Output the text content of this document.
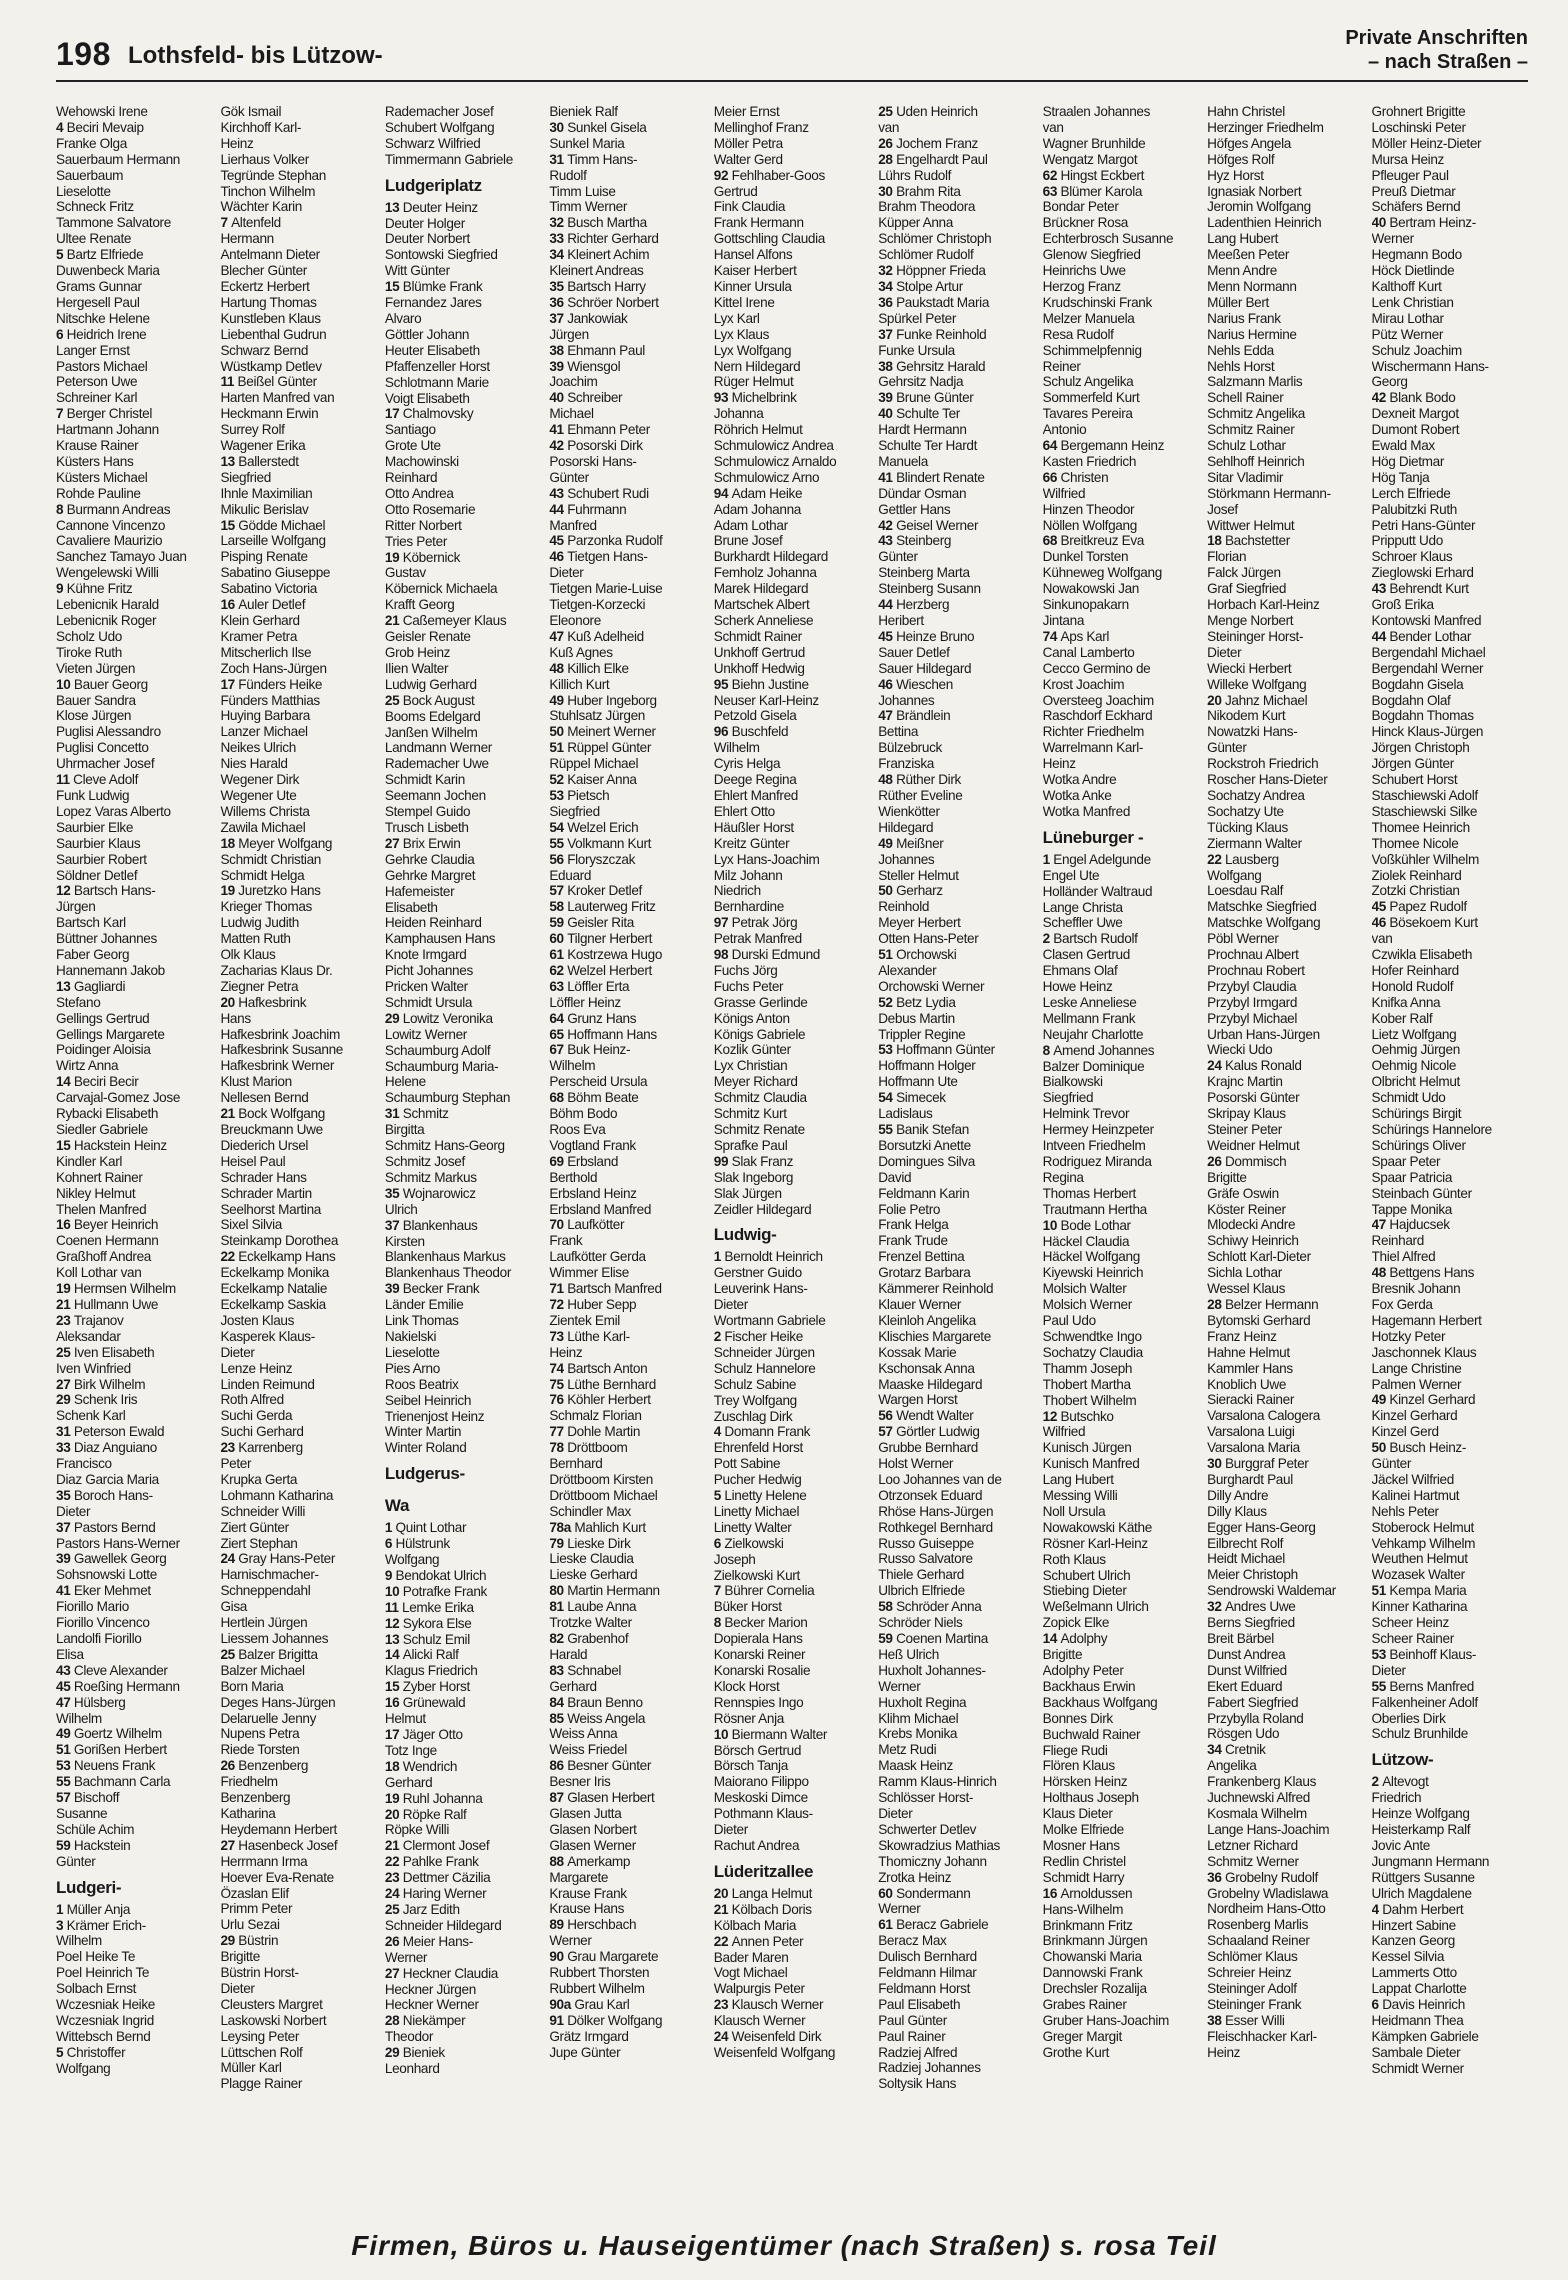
198 Lothsfeld- bis Lützow-
Private Anschriften
– nach Straßen –
Wehowski Irene
4 Beciri Mevaip
Franke Olga
Sauerbaum Hermann
Sauerbaum
Lieselotte
Schneck Fritz
Tammone Salvatore
Ultee Renate
5 Bartz Elfriede
Duwenbeck Maria
Grams Gunnar
Hergesell Paul
Nitschke Helene
6 Heidrich Irene
Langer Ernst
Pastors Michael
Peterson Uwe
Schreiner Karl
7 Berger Christel
Hartmann Johann
Krause Rainer
Küsters Hans
Küsters Michael
Rohde Pauline
8 Burmann Andreas
Cannone Vincenzo
Cavaliere Maurizio
Sanchez Tamayo Juan
Wengelewski Willi
9 Kühne Fritz
Lebenicnik Harald
Lebenicnik Roger
Scholz Udo
Tiroke Ruth
Vieten Jürgen
10 Bauer Georg
Bauer Sandra
Klose Jürgen
Puglisi Alessandro
Puglisi Concetto
Uhrmacher Josef
11 Cleve Adolf
Funk Ludwig
Lopez Varas Alberto
Saurbier Elke
Saurbier Klaus
Saurbier Robert
Söldner Detlef
12 Bartsch Hans-
Jürgen
Bartsch Karl
Büttner Johannes
Faber Georg
Hannemann Jakob
13 Gagliardi
Stefano
Gellings Gertrud
Gellings Margarete
Poidinger Aloisia
Wirtz Anna
14 Beciri Becir
Carvajal-Gomez Jose
Rybacki Elisabeth
Siedler Gabriele
15 Hackstein Heinz
Kindler Karl
Kohnert Rainer
Nikley Helmut
Thelen Manfred
16 Beyer Heinrich
Coenen Hermann
Graßhoff Andrea
Koll Lothar van
19 Hermsen Wilhelm
21 Hullmann Uwe
23 Trajanov
Aleksandar
25 Iven Elisabeth
Iven Winfried
27 Birk Wilhelm
29 Schenk Iris
Schenk Karl
31 Peterson Ewald
33 Diaz Anguiano
Francisco
Diaz Garcia Maria
35 Boroch Hans-
Dieter
37 Pastors Bernd
Pastors Hans-Werner
39 Gawellek Georg
Sohsnowski Lotte
41 Eker Mehmet
Fiorillo Mario
Fiorillo Vincenco
Landolfi Fiorillo
Elisa
43 Cleve Alexander
45 Roeßing Hermann
47 Hülsberg
Wilhelm
49 Goertz Wilhelm
51 Gorißen Herbert
53 Neuens Frank
55 Bachmann Carla
57 Bischoff
Susanne
Schüle Achim
59 Hackstein
Günter
Ludgeri-
1 Müller Anja
3 Krämer Erich-
Wilhelm
Poel Heike Te
Poel Heinrich Te
Solbach Ernst
Wczesniak Heike
Wczesniak Ingrid
Wittebsch Bernd
5 Christoffer
Wolfgang
Gök Ismail
Kirchhoff Karl-
Heinz
Lierhaus Volker
Tegründe Stephan
Tinchon Wilhelm
Wächter Karin
7 Altenfeld
Hermann
Antelmann Dieter
Blecher Günter
Eckertz Herbert
Hartung Thomas
Kunstleben Klaus
Liebenthal Gudrun
Schwarz Bernd
Wüstkamp Detlev
11 Beißel Günter
Harten Manfred van
Heckmann Erwin
Surrey Rolf
Wagener Erika
13 Ballerstedt
Siegfried
Ihnle Maximilian
Mikulic Berislav
15 Gödde Michael
Larseille Wolfgang
Pisping Renate
Sabatino Giuseppe
Sabatino Victoria
16 Auler Detlef
Klein Gerhard
Kramer Petra
Mitscherlich Ilse
Zoch Hans-Jürgen
17 Fünders Heike
Fünders Matthias
Huying Barbara
Lanzer Michael
Neikes Ulrich
Nies Harald
Wegener Dirk
Wegener Ute
Willems Christa
Zawila Michael
18 Meyer Wolfgang
Schmidt Christian
Schmidt Helga
19 Juretzko Hans
Krieger Thomas
Ludwig Judith
Matten Ruth
Olk Klaus
Zacharias Klaus Dr.
Ziegner Petra
20 Hafkesbrink
Hans
Hafkesbrink Joachim
Hafkesbrink Susanne
Hafkesbrink Werner
Klust Marion
Nellesen Bernd
21 Bock Wolfgang
Breuckmann Uwe
Diederich Ursel
Heisel Paul
Schrader Hans
Schrader Martin
Seelhorst Martina
Sixel Silvia
Steinkamp Dorothea
22 Eckelkamp Hans
Eckelkamp Monika
Eckelkamp Natalie
Eckelkamp Saskia
Josten Klaus
Kasperek Klaus-
Dieter
Lenze Heinz
Linden Reimund
Roth Alfred
Suchi Gerda
Suchi Gerhard
23 Karrenberg
Peter
Krupka Gerta
Lohmann Katharina
Schneider Willi
Ziert Günter
Ziert Stephan
24 Gray Hans-Peter
Harnischmacher-
Schneppendahl
Gisa
Hertlein Jürgen
Liessem Johannes
25 Balzer Brigitta
Balzer Michael
Born Maria
Deges Hans-Jürgen
Delaruelle Jenny
Nupens Petra
Riede Torsten
26 Benzenberg
Friedhelm
Benzenberg
Katharina
Heydemann Herbert
27 Hasenbeck Josef
Herrmann Irma
Hoever Eva-Renate
Özaslan Elif
Primm Peter
Urlu Sezai
29 Büstrin
Brigitte
Büstrin Horst-
Dieter
Cleusters Margret
Laskowski Norbert
Leysing Peter
Lüttschen Rolf
Müller Karl
Plagge Rainer
Rademacher Josef
Schubert Wolfgang
Schwarz Wilfried
Timmermann Gabriele
Ludgeriplatz
13 Deuter Heinz
Deuter Holger
Deuter Norbert
Sontowski Siegfried
Witt Günter
15 Blümke Frank
Fernandez Jares
Alvaro
Göttler Johann
Heuter Elisabeth
Pfaffenzeller Horst
Schlotmann Marie
Voigt Elisabeth
17 Chalmovsky
Santiago
Grote Ute
Machowinski
Reinhard
Otto Andrea
Otto Rosemarie
Ritter Norbert
Tries Peter
19 Köbernick
Gustav
Köbernick Michaela
Krafft Georg
21 Caßemeyer Klaus
Geisler Renate
Grob Heinz
Ilien Walter
Ludwig Gerhard
25 Bock August
Booms Edelgard
Janßen Wilhelm
Landmann Werner
Rademacher Uwe
Schmidt Karin
Seemann Jochen
Stempel Guido
Trusch Lisbeth
27 Brix Erwin
Gehrke Claudia
Gehrke Margret
Hafemeister
Elisabeth
Heiden Reinhard
Kamphausen Hans
Knote Irmgard
Picht Johannes
Pricken Walter
Schmidt Ursula
29 Lowitz Veronika
Lowitz Werner
Schaumburg Adolf
Schaumburg Maria-
Helene
Schaumburg Stephan
31 Schmitz
Birgitta
Schmitz Hans-Georg
Schmitz Josef
Schmitz Markus
35 Wojnarowicz
Ulrich
37 Blankenhaus
Kirsten
Blankenhaus Markus
Blankenhaus Theodor
39 Becker Frank
Länder Emilie
Link Thomas
Nakielski
Lieselotte
Pies Arno
Roos Beatrix
Seibel Heinrich
Trienenjost Heinz
Winter Martin
Winter Roland
Ludgerus-
Wa
1 Quint Lothar
6 Hülstrunk
Wolfgang
9 Bendokat Ulrich
10 Potrafke Frank
11 Lemke Erika
12 Sykora Else
13 Schulz Emil
14 Alicki Ralf
Klagus Friedrich
15 Zyber Horst
16 Grünewald
Helmut
17 Jäger Otto
Totz Inge
18 Wendrich
Gerhard
19 Ruhl Johanna
20 Röpke Ralf
Röpke Willi
21 Clermont Josef
22 Pahlke Frank
23 Dettmer Cäzilia
24 Haring Werner
25 Jarz Edith
Schneider Hildegard
26 Meier Hans-
Werner
27 Heckner Claudia
Heckner Jürgen
Heckner Werner
28 Niekämper
Theodor
29 Bieniek
Leonhard
Bieniek Ralf
30 Sunkel Gisela
Sunkel Maria
31 Timm Hans-
Rudolf
Timm Luise
Timm Werner
32 Busch Martha
33 Richter Gerhard
34 Kleinert Achim
Kleinert Andreas
35 Bartsch Harry
36 Schröer Norbert
37 Jankowiak
Jürgen
38 Ehmann Paul
39 Wiensgol
Joachim
40 Schreiber
Michael
41 Ehmann Peter
42 Posorski Dirk
Posorski Hans-
Günter
43 Schubert Rudi
44 Fuhrmann
Manfred
45 Parzonka Rudolf
46 Tietgen Hans-
Dieter
Tietgen Marie-Luise
Tietgen-Korzecki
Eleonore
47 Kuß Adelheid
Kuß Agnes
48 Killich Elke
Killich Kurt
49 Huber Ingeborg
Stuhlsatz Jürgen
50 Meinert Werner
51 Rüppel Günter
Rüppel Michael
52 Kaiser Anna
53 Pietsch
Siegfried
54 Welzel Erich
55 Volkmann Kurt
56 Floryszczak
Eduard
57 Kroker Detlef
58 Lauterweg Fritz
59 Geisler Rita
60 Tilgner Herbert
61 Kostrzewa Hugo
62 Welzel Herbert
63 Löffler Erta
Löffler Heinz
64 Grunz Hans
65 Hoffmann Hans
67 Buk Heinz-
Wilhelm
Perscheid Ursula
68 Böhm Beate
Böhm Bodo
Roos Eva
Vogtland Frank
69 Erbsland
Berthold
Erbsland Heinz
Erbsland Manfred
70 Laufkötter
Frank
Laufkötter Gerda
Wimmer Elise
71 Bartsch Manfred
72 Huber Sepp
Zientek Emil
73 Lüthe Karl-
Heinz
74 Bartsch Anton
75 Lüthe Bernhard
76 Köhler Herbert
Schmalz Florian
77 Dohle Martin
78 Dröttboom
Bernhard
Dröttboom Kirsten
Dröttboom Michael
Schindler Max
78a Mahlich Kurt
79 Lieske Dirk
Lieske Claudia
Lieske Gerhard
80 Martin Hermann
81 Laube Anna
Trotzke Walter
82 Grabenhof
Harald
83 Schnabel
Gerhard
84 Braun Benno
85 Weiss Angela
Weiss Anna
Weiss Friedel
86 Besner Günter
Besner Iris
87 Glasen Herbert
Glasen Jutta
Glasen Norbert
Glasen Werner
88 Amerkamp
Margarete
Krause Frank
Krause Hans
89 Herschbach
Werner
90 Grau Margarete
Rubbert Thorsten
Rubbert Wilhelm
90a Grau Karl
91 Dölker Wolfgang
Grätz Irmgard
Jupe Günter
Meier Ernst
Mellinghof Franz
Möller Petra
Walter Gerd
92 Fehlhaber-Goos
Gertrud
Fink Claudia
Frank Hermann
Gottschling Claudia
Hansel Alfons
Kaiser Herbert
Kinner Ursula
Kittel Irene
Lyx Karl
Lyx Klaus
Lyx Wolfgang
Nern Hildegard
Rüger Helmut
93 Michelbrink
Johanna
Röhrich Helmut
Schmulowicz Andrea
Schmulowicz Arnaldo
Schmulowicz Arno
94 Adam Heike
Adam Johanna
Adam Lothar
Brune Josef
Burkhardt Hildegard
Femholz Johanna
Marek Hildegard
Martschek Albert
Scherk Anneliese
Schmidt Rainer
Unkhoff Gertrud
Unkhoff Hedwig
95 Biehn Justine
Neuser Karl-Heinz
Petzold Gisela
96 Buschfeld
Wilhelm
Cyris Helga
Deege Regina
Ehlert Manfred
Ehlert Otto
Häußler Horst
Kreitz Günter
Lyx Hans-Joachim
Milz Johann
Niedrich
Bernhardine
97 Petrak Jörg
Petrak Manfred
98 Durski Edmund
Fuchs Jörg
Fuchs Peter
Grasse Gerlinde
Königs Anton
Königs Gabriele
Kozlik Günter
Lyx Christian
Meyer Richard
Schmitz Claudia
Schmitz Kurt
Schmitz Renate
Sprafke Paul
99 Slak Franz
Slak Ingeborg
Slak Jürgen
Zeidler Hildegard
Ludwig-
1 Bernoldt Heinrich
Gerstner Guido
Leuverink Hans-
Dieter
Wortmann Gabriele
2 Fischer Heike
Schneider Jürgen
Schulz Hannelore
Schulz Sabine
Trey Wolfgang
Zuschlag Dirk
4 Domann Frank
Ehrenfeld Horst
Pott Sabine
Pucher Hedwig
5 Linetty Helene
Linetty Michael
Linetty Walter
6 Zielkowski
Joseph
Zielkowski Kurt
7 Bührer Cornelia
Büker Horst
8 Becker Marion
Dopierala Hans
Konarski Reiner
Konarski Rosalie
Klock Horst
Rennspies Ingo
Rösner Anja
10 Biermann Walter
Börsch Gertrud
Börsch Tanja
Maiorano Filippo
Meskoski Dimce
Pothmann Klaus-
Dieter
Rachut Andrea
Lüderitzallee
20 Langa Helmut
21 Kölbach Doris
Kölbach Maria
22 Annen Peter
Bader Maren
Vogt Michael
Walpurgis Peter
23 Klausch Werner
Klausch Werner
24 Weisenfeld Dirk
Weisenfeld Wolfgang
25 Uden Heinrich
van
26 Jochem Franz
28 Engelhardt Paul
Lührs Rudolf
30 Brahm Rita
Brahm Theodora
Küpper Anna
Schlömer Christoph
Schlömer Rudolf
32 Höppner Frieda
34 Stolpe Artur
36 Paukstadt Maria
Spürkel Peter
37 Funke Reinhold
Funke Ursula
38 Gehrsitz Harald
Gehrsitz Nadja
39 Brune Günter
40 Schulte Ter
Hardt Hermann
Schulte Ter Hardt
Manuela
41 Blindert Renate
Dündar Osman
Gettler Hans
42 Geisel Werner
43 Steinberg
Günter
Steinberg Marta
Steinberg Susann
44 Herzberg
Heribert
45 Heinze Bruno
Sauer Detlef
Sauer Hildegard
46 Wieschen
Johannes
47 Brändlein
Bettina
Bülzebruck
Franziska
48 Rüther Dirk
Rüther Eveline
Wienkötter
Hildegard
49 Meißner
Johannes
Steller Helmut
50 Gerharz
Reinhold
Meyer Herbert
Otten Hans-Peter
51 Orchowski
Alexander
Orchowski Werner
52 Betz Lydia
Debus Martin
Trippler Regine
53 Hoffmann Günter
Hoffmann Holger
Hoffmann Ute
54 Simecek
Ladislaus
55 Banik Stefan
Borsutzki Anette
Domingues Silva
David
Feldmann Karin
Folie Petro
Frank Helga
Frank Trude
Frenzel Bettina
Grotarz Barbara
Kämmerer Reinhold
Klauer Werner
Kleinloh Angelika
Klischies Margarete
Kossak Marie
Kschonsak Anna
Maaske Hildegard
Wargen Horst
56 Wendt Walter
57 Görtler Ludwig
Grubbe Bernhard
Holst Werner
Loo Johannes van de
Otrzonsek Eduard
Rhöse Hans-Jürgen
Rothkegel Bernhard
Russo Guiseppe
Russo Salvatore
Thiele Gerhard
Ulbrich Elfriede
58 Schröder Anna
Schröder Niels
59 Coenen Martina
Heß Ulrich
Huxholt Johannes-
Werner
Huxholt Regina
Klihm Michael
Krebs Monika
Metz Rudi
Maask Heinz
Ramm Klaus-Hinrich
Schlösser Horst-
Dieter
Schwerter Detlev
Skowradzius Mathias
Thomiczny Johann
Zrotka Heinz
60 Sondermann
Werner
61 Beracz Gabriele
Beracz Max
Dulisch Bernhard
Feldmann Hilmar
Feldmann Horst
Paul Elisabeth
Paul Günter
Paul Rainer
Radziej Alfred
Radziej Johannes
Soltysik Hans
Straalen Johannes
van
Wagner Brunhilde
Wengatz Margot
62 Hingst Eckbert
63 Blümer Karola
Bondar Peter
Brückner Rosa
Echterbrosch Susanne
Glenow Siegfried
Heinrichs Uwe
Herzog Franz
Krudschinski Frank
Melzer Manuela
Resa Rudolf
Schimmelpfennig
Reiner
Schulz Angelika
Sommerfeld Kurt
Tavares Pereira
Antonio
64 Bergemann Heinz
Kasten Friedrich
66 Christen
Wilfried
Hinzen Theodor
Nöllen Wolfgang
68 Breitkreuz Eva
Dunkel Torsten
Kühneweg Wolfgang
Nowakowski Jan
Sinkunopakarn
Jintana
74 Aps Karl
Canal Lamberto
Cecco Germino de
Krost Joachim
Oversteeg Joachim
Raschdorf Eckhard
Richter Friedhelm
Warrelmann Karl-
Heinz
Wotka Andre
Wotka Anke
Wotka Manfred
Lüneburger -
1 Engel Adelgunde
Engel Ute
Holländer Waltraud
Lange Christa
Scheffler Uwe
2 Bartsch Rudolf
Clasen Gertrud
Ehmans Olaf
Howe Heinz
Leske Anneliese
Mellmann Frank
Neujahr Charlotte
8 Amend Johannes
Balzer Dominique
Bialkowski
Siegfried
Helmink Trevor
Hermey Heinzpeter
Intveen Friedhelm
Rodriguez Miranda
Regina
Thomas Herbert
Trautmann Hertha
10 Bode Lothar
Häckel Claudia
Häckel Wolfgang
Kiyewski Heinrich
Molsich Walter
Molsich Werner
Paul Udo
Schwendtke Ingo
Sochatzy Claudia
Thamm Joseph
Thobert Martha
Thobert Wilhelm
12 Butschko
Wilfried
Kunisch Jürgen
Kunisch Manfred
Lang Hubert
Messing Willi
Noll Ursula
Nowakowski Käthe
Rösner Karl-Heinz
Roth Klaus
Schubert Ulrich
Stiebing Dieter
Weßelmann Ulrich
Zopick Elke
14 Adolphy
Brigitte
Adolphy Peter
Backhaus Erwin
Backhaus Wolfgang
Bonnes Dirk
Buchwald Rainer
Fliege Rudi
Flören Klaus
Hörsken Heinz
Holthaus Joseph
Klaus Dieter
Molke Elfriede
Mosner Hans
Redlin Christel
Schmidt Harry
16 Arnoldussen
Hans-Wilhelm
Brinkmann Fritz
Brinkmann Jürgen
Chowanski Maria
Dannowski Frank
Drechsler Rozalija
Grabes Rainer
Gruber Hans-Joachim
Greger Margit
Grothe Kurt
Hahn Christel
Herzinger Friedhelm
Höfges Angela
Höfges Rolf
Hyz Horst
Ignasiak Norbert
Jeromin Wolfgang
Ladenthien Heinrich
Lang Hubert
Meeßen Peter
Menn Andre
Menn Normann
Müller Bert
Narius Frank
Narius Hermine
Nehls Edda
Nehls Horst
Salzmann Marlis
Schell Rainer
Schmitz Angelika
Schmitz Rainer
Schulz Lothar
Sehlhoff Heinrich
Sitar Vladimir
Störkmann Hermann-
Josef
Wittwer Helmut
18 Bachstetter
Florian
Falck Jürgen
Graf Siegfried
Horbach Karl-Heinz
Menge Norbert
Steininger Horst-
Dieter
Wiecki Herbert
Willeke Wolfgang
20 Jahnz Michael
Nikodem Kurt
Nowatzki Hans-
Günter
Rockstroh Friedrich
Roscher Hans-Dieter
Sochatzy Andrea
Sochatzy Ute
Tücking Klaus
Ziermann Walter
22 Lausberg
Wolfgang
Loesdau Ralf
Matschke Siegfried
Matschke Wolfgang
Pöbl Werner
Prochnau Albert
Prochnau Robert
Przybyl Claudia
Przybyl Irmgard
Przybyl Michael
Urban Hans-Jürgen
Wiecki Udo
24 Kalus Ronald
Krajnc Martin
Posorski Günter
Skripay Klaus
Steiner Peter
Weidner Helmut
26 Dommisch
Brigitte
Gräfe Oswin
Köster Reiner
Mlodecki Andre
Schiwy Heinrich
Schlott Karl-Dieter
Sichla Lothar
Wessel Klaus
28 Belzer Hermann
Bytomski Gerhard
Franz Heinz
Hahne Helmut
Kammler Hans
Knoblich Uwe
Sieracki Rainer
Varsalona Calogera
Varsalona Luigi
Varsalona Maria
30 Burggraf Peter
Burghardt Paul
Dilly Andre
Dilly Klaus
Egger Hans-Georg
Eilbrecht Rolf
Heidt Michael
Meier Christoph
Sendrowski Waldemar
32 Andres Uwe
Berns Siegfried
Breit Bärbel
Dunst Andrea
Dunst Wilfried
Ekert Eduard
Fabert Siegfried
Przybylla Roland
Rösgen Udo
34 Cretnik
Angelika
Frankenberg Klaus
Juchnewski Alfred
Kosmala Wilhelm
Lange Hans-Joachim
Letzner Richard
Schmitz Werner
36 Grobelny Rudolf
Grobelny Wladislawa
Nordheim Hans-Otto
Rosenberg Marlis
Schaaland Reiner
Schlömer Klaus
Schreier Heinz
Steininger Adolf
Steininger Frank
38 Esser Willi
Fleischhacker Karl-
Heinz
Grohnert Brigitte
Loschinski Peter
Möller Heinz-Dieter
Mursa Heinz
Pfleuger Paul
Preuß Dietmar
Schäfers Bernd
40 Bertram Heinz-
Werner
Hegmann Bodo
Höck Dietlinde
Kalthoff Kurt
Lenk Christian
Mirau Lothar
Pütz Werner
Schulz Joachim
Wischermann Hans-
Georg
42 Blank Bodo
Dexneit Margot
Dumont Robert
Ewald Max
Hög Dietmar
Hög Tanja
Lerch Elfriede
Palubitzki Ruth
Petri Hans-Günter
Pripputt Udo
Schroer Klaus
Zieglowski Erhard
43 Behrendt Kurt
Groß Erika
Kontowski Manfred
44 Bender Lothar
Bergendahl Michael
Bergendahl Werner
Bogdahn Gisela
Bogdahn Olaf
Bogdahn Thomas
Hinck Klaus-Jürgen
Jörgen Christoph
Jörgen Günter
Schubert Horst
Staschiewski Adolf
Staschiewski Silke
Thomee Heinrich
Thomee Nicole
Voßkühler Wilhelm
Ziolek Reinhard
Zotzki Christian
45 Papez Rudolf
46 Bösekoem Kurt
van
Czwikla Elisabeth
Hofer Reinhard
Honold Rudolf
Knifka Anna
Kober Ralf
Lietz Wolfgang
Oehmig Jürgen
Oehmig Nicole
Olbricht Helmut
Schmidt Udo
Schürings Birgit
Schürings Hannelore
Schürings Oliver
Spaar Peter
Spaar Patricia
Steinbach Günter
Tappe Monika
47 Hajducsek
Reinhard
Thiel Alfred
48 Bettgens Hans
Bresnik Johann
Fox Gerda
Hagemann Herbert
Hotzky Peter
Jaschonnek Klaus
Lange Christine
Palmen Werner
49 Kinzel Gerhard
Kinzel Gerhard
Kinzel Gerd
50 Busch Heinz-
Günter
Jäckel Wilfried
Kalinei Hartmut
Nehls Peter
Stoberock Helmut
Vehkamp Wilhelm
Weuthen Helmut
Wozasek Walter
51 Kempa Maria
Kinner Katharina
Scheer Heinz
Scheer Rainer
53 Beinhoff Klaus-
Dieter
55 Berns Manfred
Falkenheiner Adolf
Oberlies Dirk
Schulz Brunhilde
Lützow-
2 Altevogt
Friedrich
Heinze Wolfgang
Heisterkamp Ralf
Jovic Ante
Jungmann Hermann
Rüttgers Susanne
Ulrich Magdalene
4 Dahm Herbert
Hinzert Sabine
Kanzen Georg
Kessel Silvia
Lammerts Otto
Lappat Charlotte
6 Davis Heinrich
Heidmann Thea
Kämpken Gabriele
Sambale Dieter
Schmidt Werner
Firmen, Büros u. Hauseigentümer (nach Straßen) s. rosa Teil
